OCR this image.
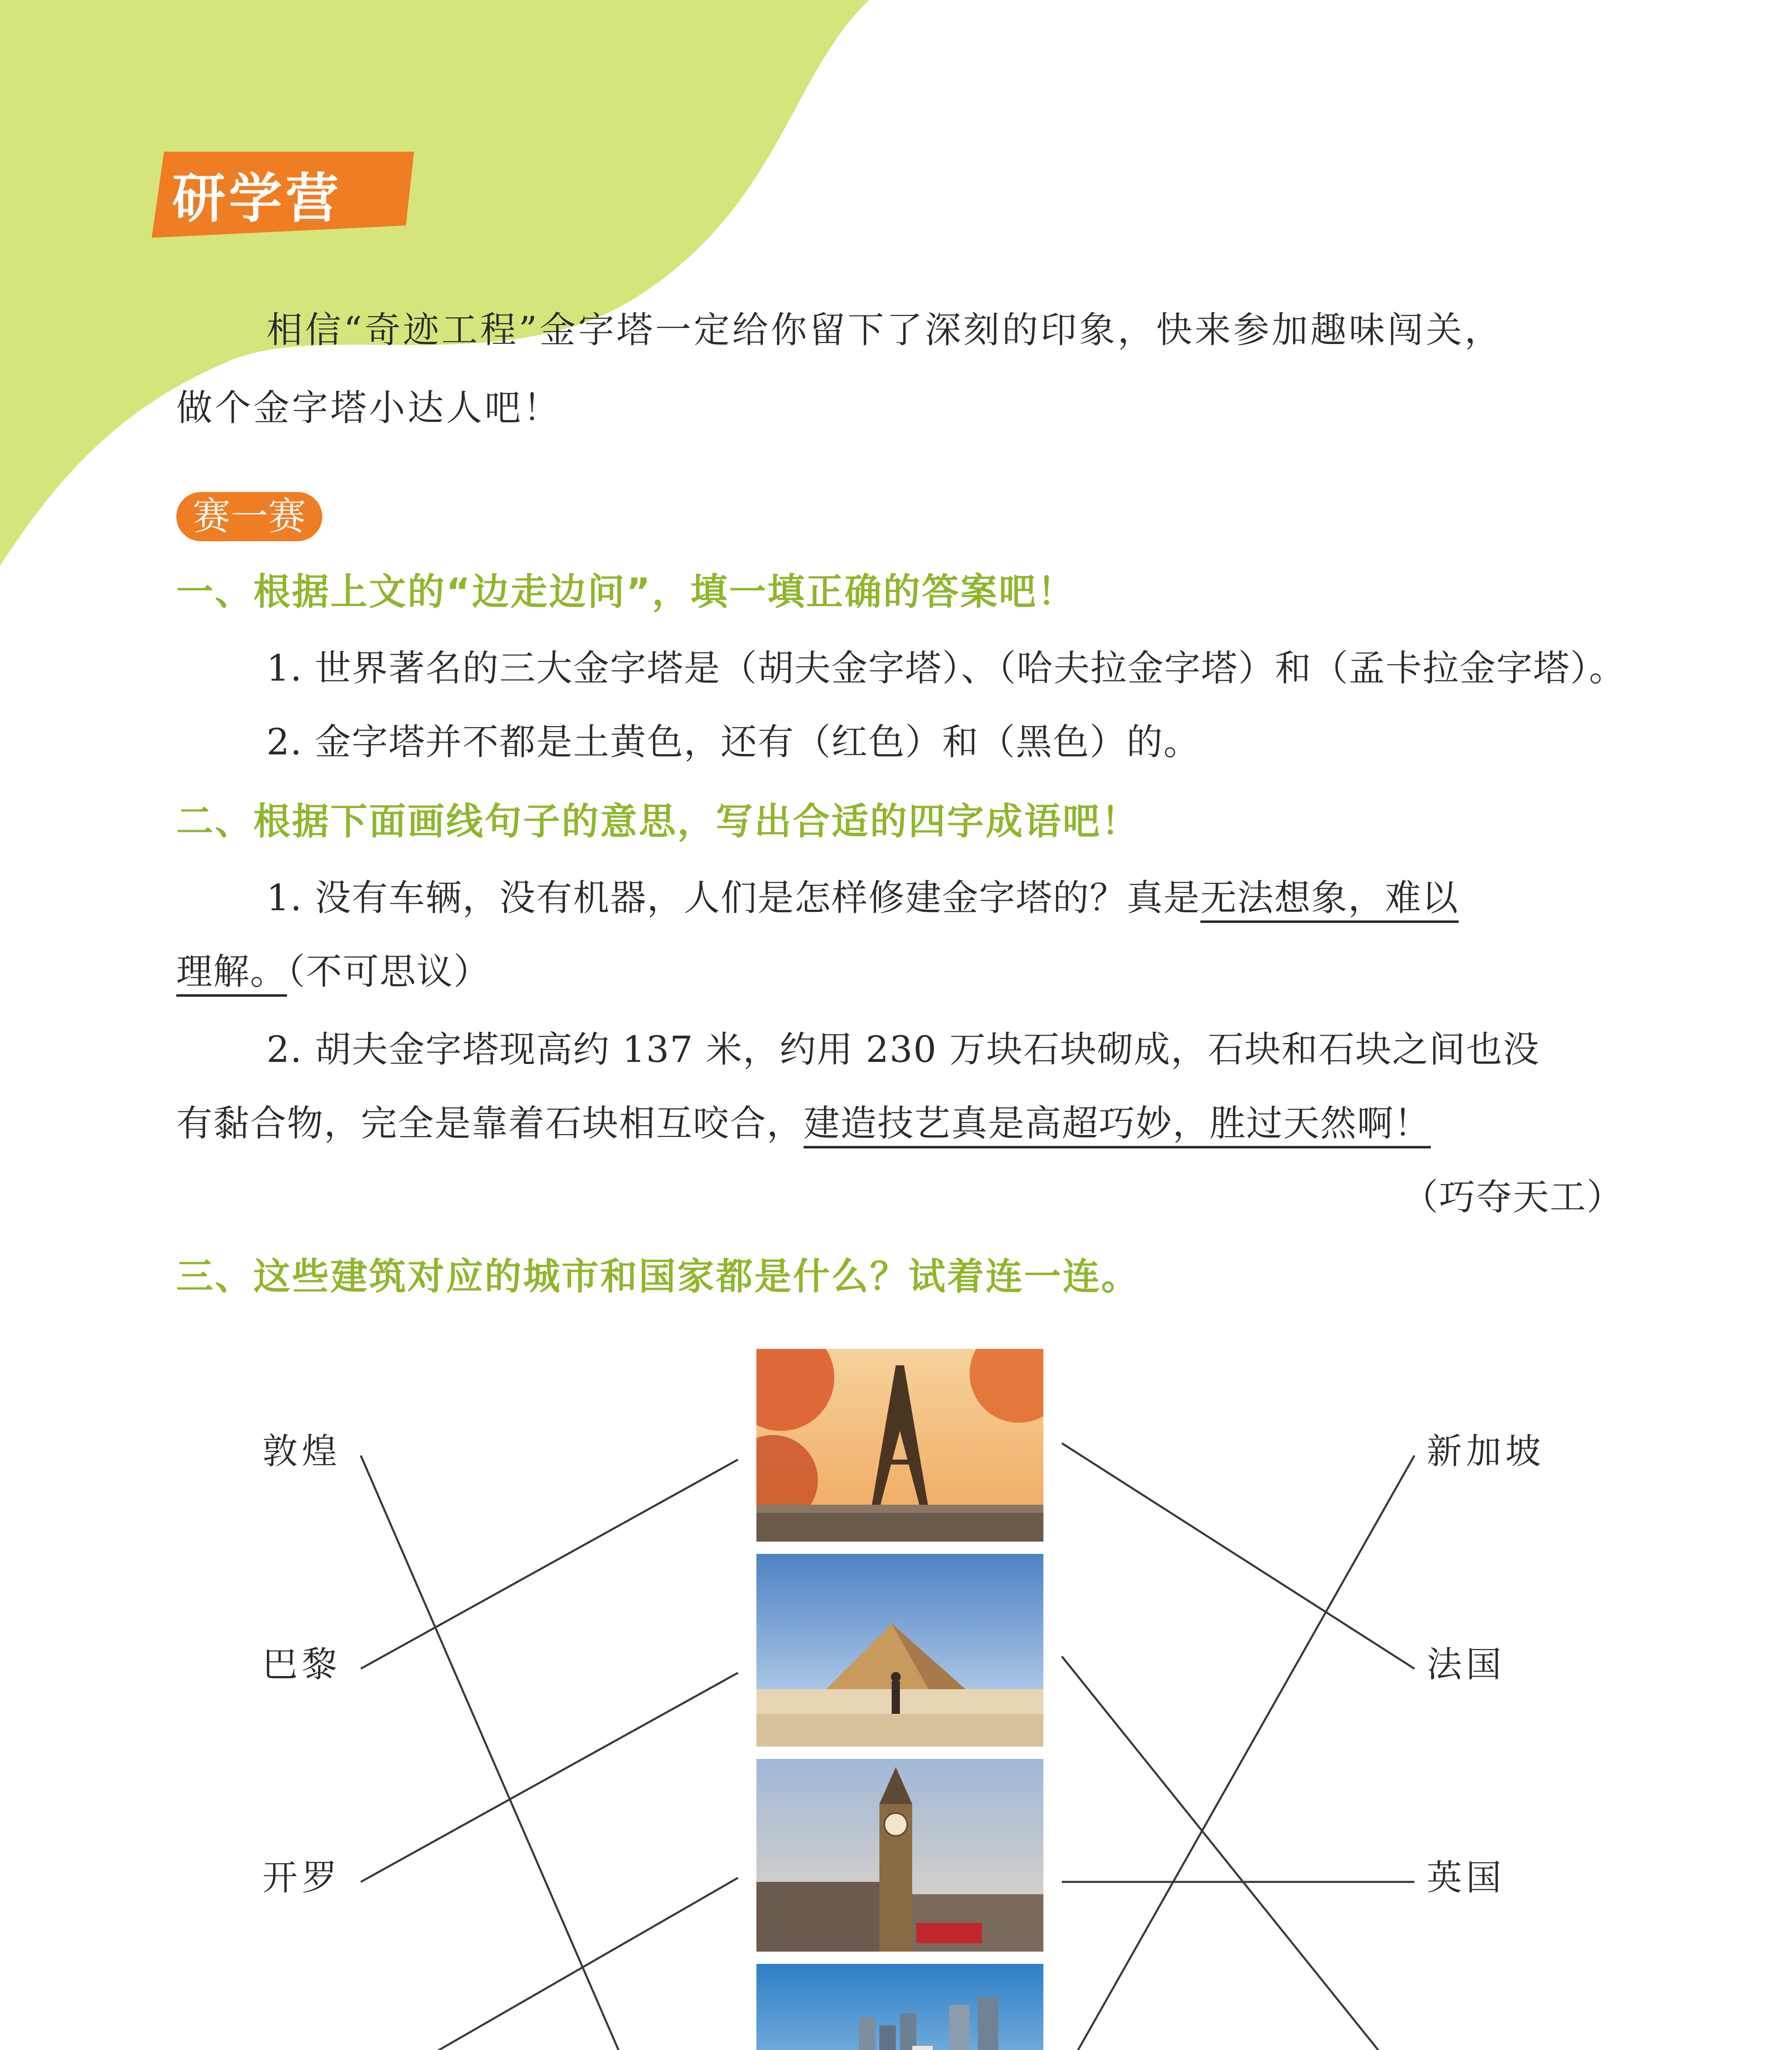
研学营
相信“奇迹工程”金字塔一定给你留下了深刻的印象，快来参加趣味闯关，
做个金字塔小达人吧！
赛一赛
一、根据上文的“边走边问”，填一填正确的答案吧！
1. 世界著名的三大金字塔是（胡夫金字塔）、（哈夫拉金字塔）和（孟卡拉金字塔）。
2. 金字塔并不都是土黄色，还有（红色）和（黑色）的。
二、根据下面画线句子的意思，写出合适的四字成语吧！
1. 没有车辆，没有机器，人们是怎样修建金字塔的？真是无法想象，难以
理解。（不可思议）
2. 胡夫金字塔现高约 137 米，约用 230 万块石块砌成，石块和石块之间也没
有黏合物，完全是靠着石块相互咬合，建造技艺真是高超巧妙，胜过天然啊！
（巧夺天工）
三、这些建筑对应的城市和国家都是什么？试着连一连。
敦煌
巴黎
开罗
新加坡
法国
英国
